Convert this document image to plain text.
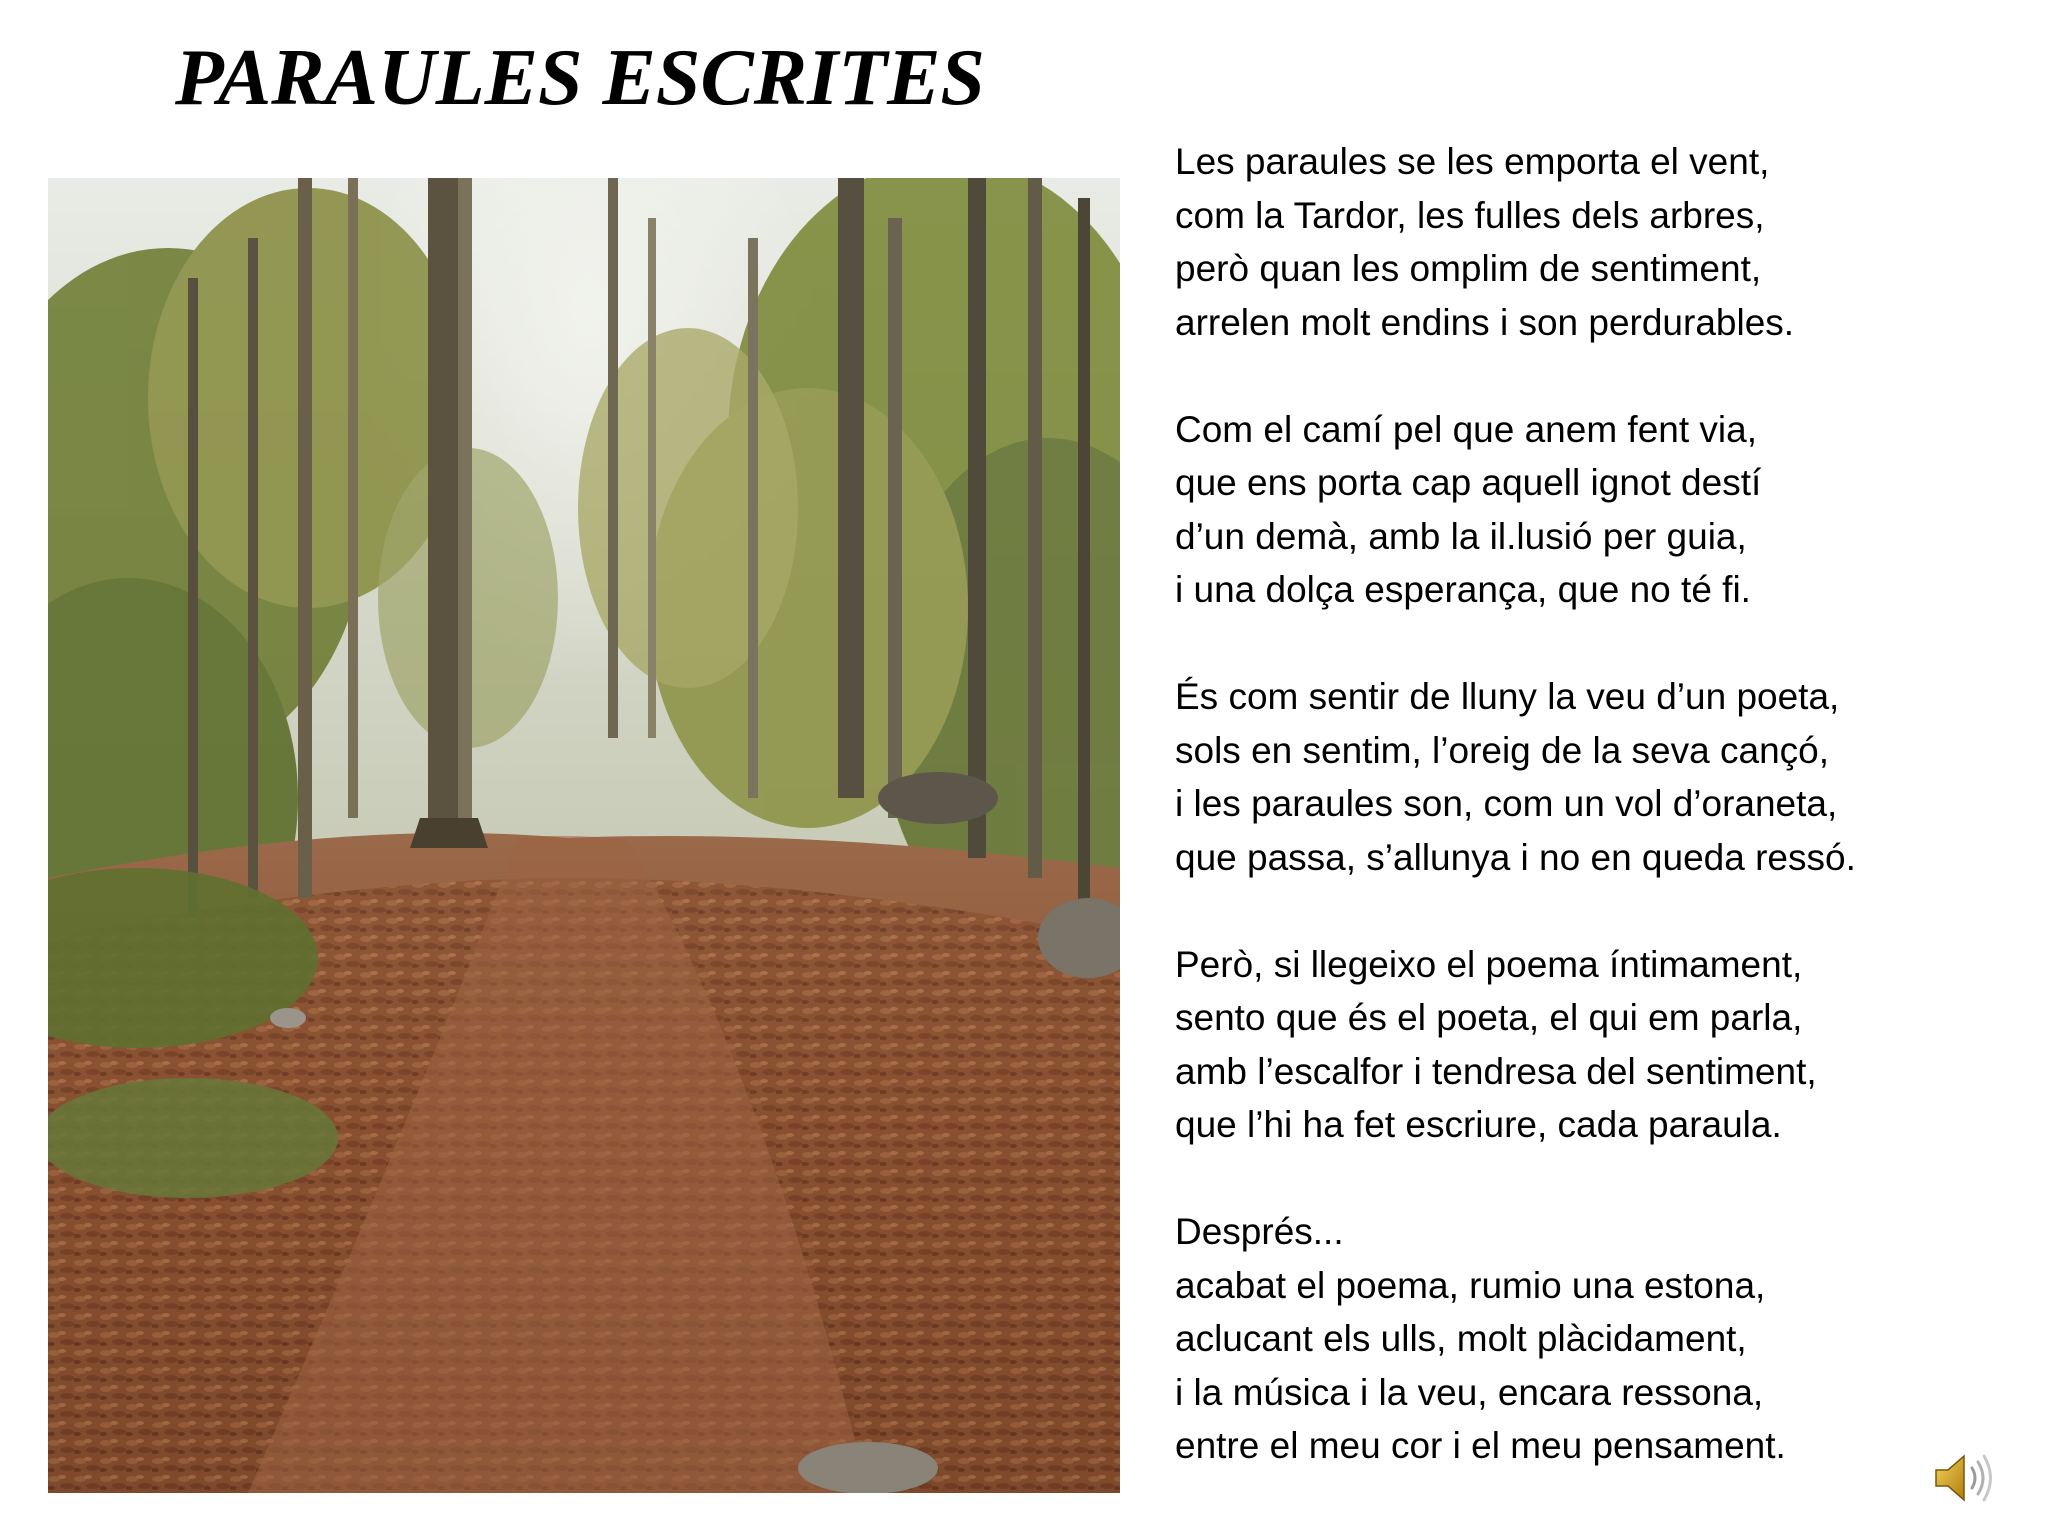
PARAULES ESCRITES
Les paraules se les emporta el vent,
com la Tardor, les fulles dels arbres,
però quan les omplim de sentiment,
arrelen molt endins i son perdurables.
Com el camí pel que anem fent via,
que ens porta cap aquell ignot destí
d’un demà, amb la il.lusió per guia,
i una dolça esperança, que no té fi.
És com sentir de lluny la veu d’un poeta,
sols en sentim, l’oreig de la seva cançó,
i les paraules son, com un vol d’oraneta,
que passa, s’allunya i no en queda ressó.
Però, si llegeixo el poema íntimament,
sento que és el poeta, el qui em parla,
amb l’escalfor i tendresa del sentiment,
que l’hi ha fet escriure, cada paraula.
Després...
acabat el poema, rumio una estona,
aclucant els ulls, molt plàcidament,
i la música i la veu, encara ressona,
entre el meu cor i el meu pensament.
